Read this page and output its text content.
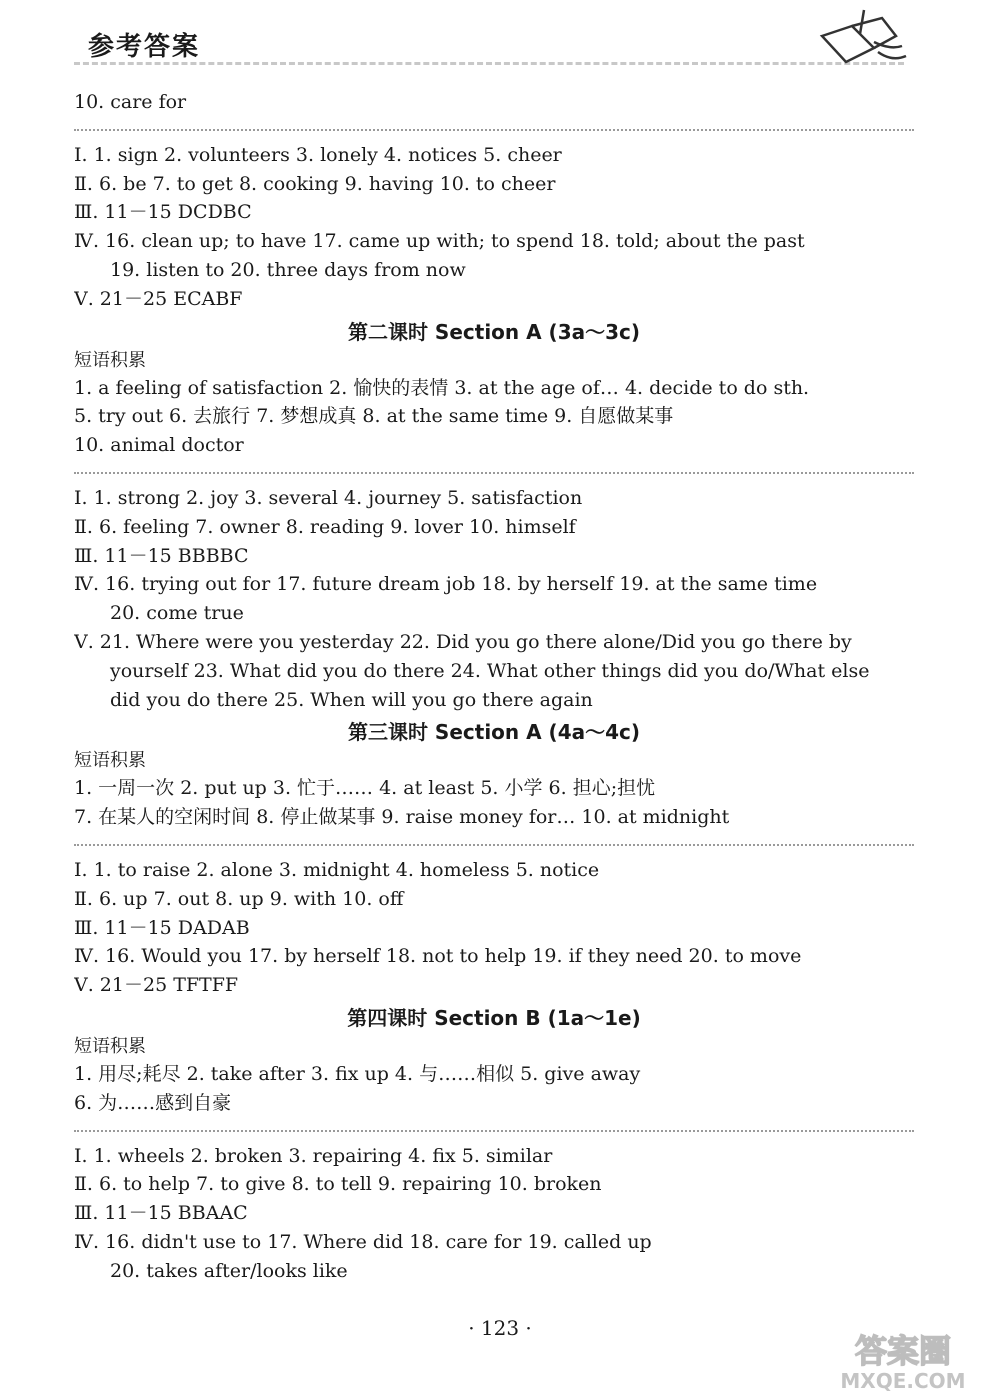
参考答案
10. care for
Ⅰ. 1. sign 2. volunteers 3. lonely 4. notices 5. cheer
Ⅱ. 6. be 7. to get 8. cooking 9. having 10. to cheer
Ⅲ. 11－15 DCDBC
Ⅳ. 16. clean up; to have 17. came up with; to spend 18. told; about the past
19. listen to 20. three days from now
Ⅴ. 21－25 ECABF
第二课时 Section A (3a～3c)
短语积累
1. a feeling of satisfaction 2. 愉快的表情 3. at the age of… 4. decide to do sth.
5. try out 6. 去旅行 7. 梦想成真 8. at the same time 9. 自愿做某事
10. animal doctor
Ⅰ. 1. strong 2. joy 3. several 4. journey 5. satisfaction
Ⅱ. 6. feeling 7. owner 8. reading 9. lover 10. himself
Ⅲ. 11－15 BBBBC
Ⅳ. 16. trying out for 17. future dream job 18. by herself 19. at the same time
20. come true
Ⅴ. 21. Where were you yesterday 22. Did you go there alone/Did you go there by
yourself 23. What did you do there 24. What other things did you do/What else
did you do there 25. When will you go there again
第三课时 Section A (4a～4c)
短语积累
1. 一周一次 2. put up 3. 忙于…… 4. at least 5. 小学 6. 担心;担忧
7. 在某人的空闲时间 8. 停止做某事 9. raise money for… 10. at midnight
Ⅰ. 1. to raise 2. alone 3. midnight 4. homeless 5. notice
Ⅱ. 6. up 7. out 8. up 9. with 10. off
Ⅲ. 11－15 DADAB
Ⅳ. 16. Would you 17. by herself 18. not to help 19. if they need 20. to move
Ⅴ. 21－25 TFTFF
第四课时 Section B (1a～1e)
短语积累
1. 用尽;耗尽 2. take after 3. fix up 4. 与……相似 5. give away
6. 为……感到自豪
Ⅰ. 1. wheels 2. broken 3. repairing 4. fix 5. similar
Ⅱ. 6. to help 7. to give 8. to tell 9. repairing 10. broken
Ⅲ. 11－15 BBAAC
Ⅳ. 16. didn't use to 17. Where did 18. care for 19. called up
20. takes after/looks like
· 123 ·
答案圈
MXQE.COM
